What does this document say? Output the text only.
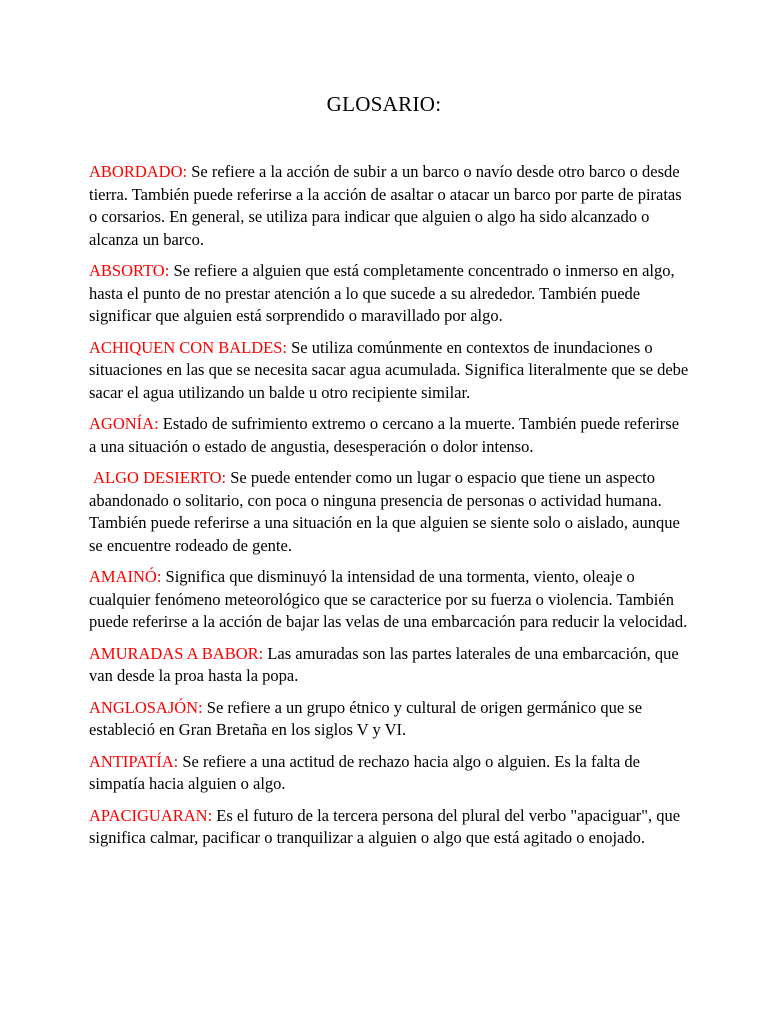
GLOSARIO:

ABORDADO: Se refiere a la acción de subir a un barco o navío desde otro barco o desde tierra. También puede referirse a la acción de asaltar o atacar un barco por parte de piratas o corsarios. En general, se utiliza para indicar que alguien o algo ha sido alcanzado o alcanza un barco.

ABSORTO: Se refiere a alguien que está completamente concentrado o inmerso en algo, hasta el punto de no prestar atención a lo que sucede a su alrededor. También puede significar que alguien está sorprendido o maravillado por algo.

ACHIQUEN CON BALDES: Se utiliza comúnmente en contextos de inundaciones o situaciones en las que se necesita sacar agua acumulada. Significa literalmente que se debe sacar el agua utilizando un balde u otro recipiente similar.

AGONÍA: Estado de sufrimiento extremo o cercano a la muerte. También puede referirse a una situación o estado de angustia, desesperación o dolor intenso.

ALGO DESIERTO: Se puede entender como un lugar o espacio que tiene un aspecto abandonado o solitario, con poca o ninguna presencia de personas o actividad humana. También puede referirse a una situación en la que alguien se siente solo o aislado, aunque se encuentre rodeado de gente.

AMAINÓ: Significa que disminuyó la intensidad de una tormenta, viento, oleaje o cualquier fenómeno meteorológico que se caracterice por su fuerza o violencia. También puede referirse a la acción de bajar las velas de una embarcación para reducir la velocidad.

AMURADAS A BABOR: Las amuradas son las partes laterales de una embarcación, que van desde la proa hasta la popa.

ANGLOSAJÓN: Se refiere a un grupo étnico y cultural de origen germánico que se estableció en Gran Bretaña en los siglos V y VI.

ANTIPATÍA: Se refiere a una actitud de rechazo hacia algo o alguien. Es la falta de simpatía hacia alguien o algo.

APACIGUARAN: Es el futuro de la tercera persona del plural del verbo "apaciguar", que significa calmar, pacificar o tranquilizar a alguien o algo que está agitado o enojado.
